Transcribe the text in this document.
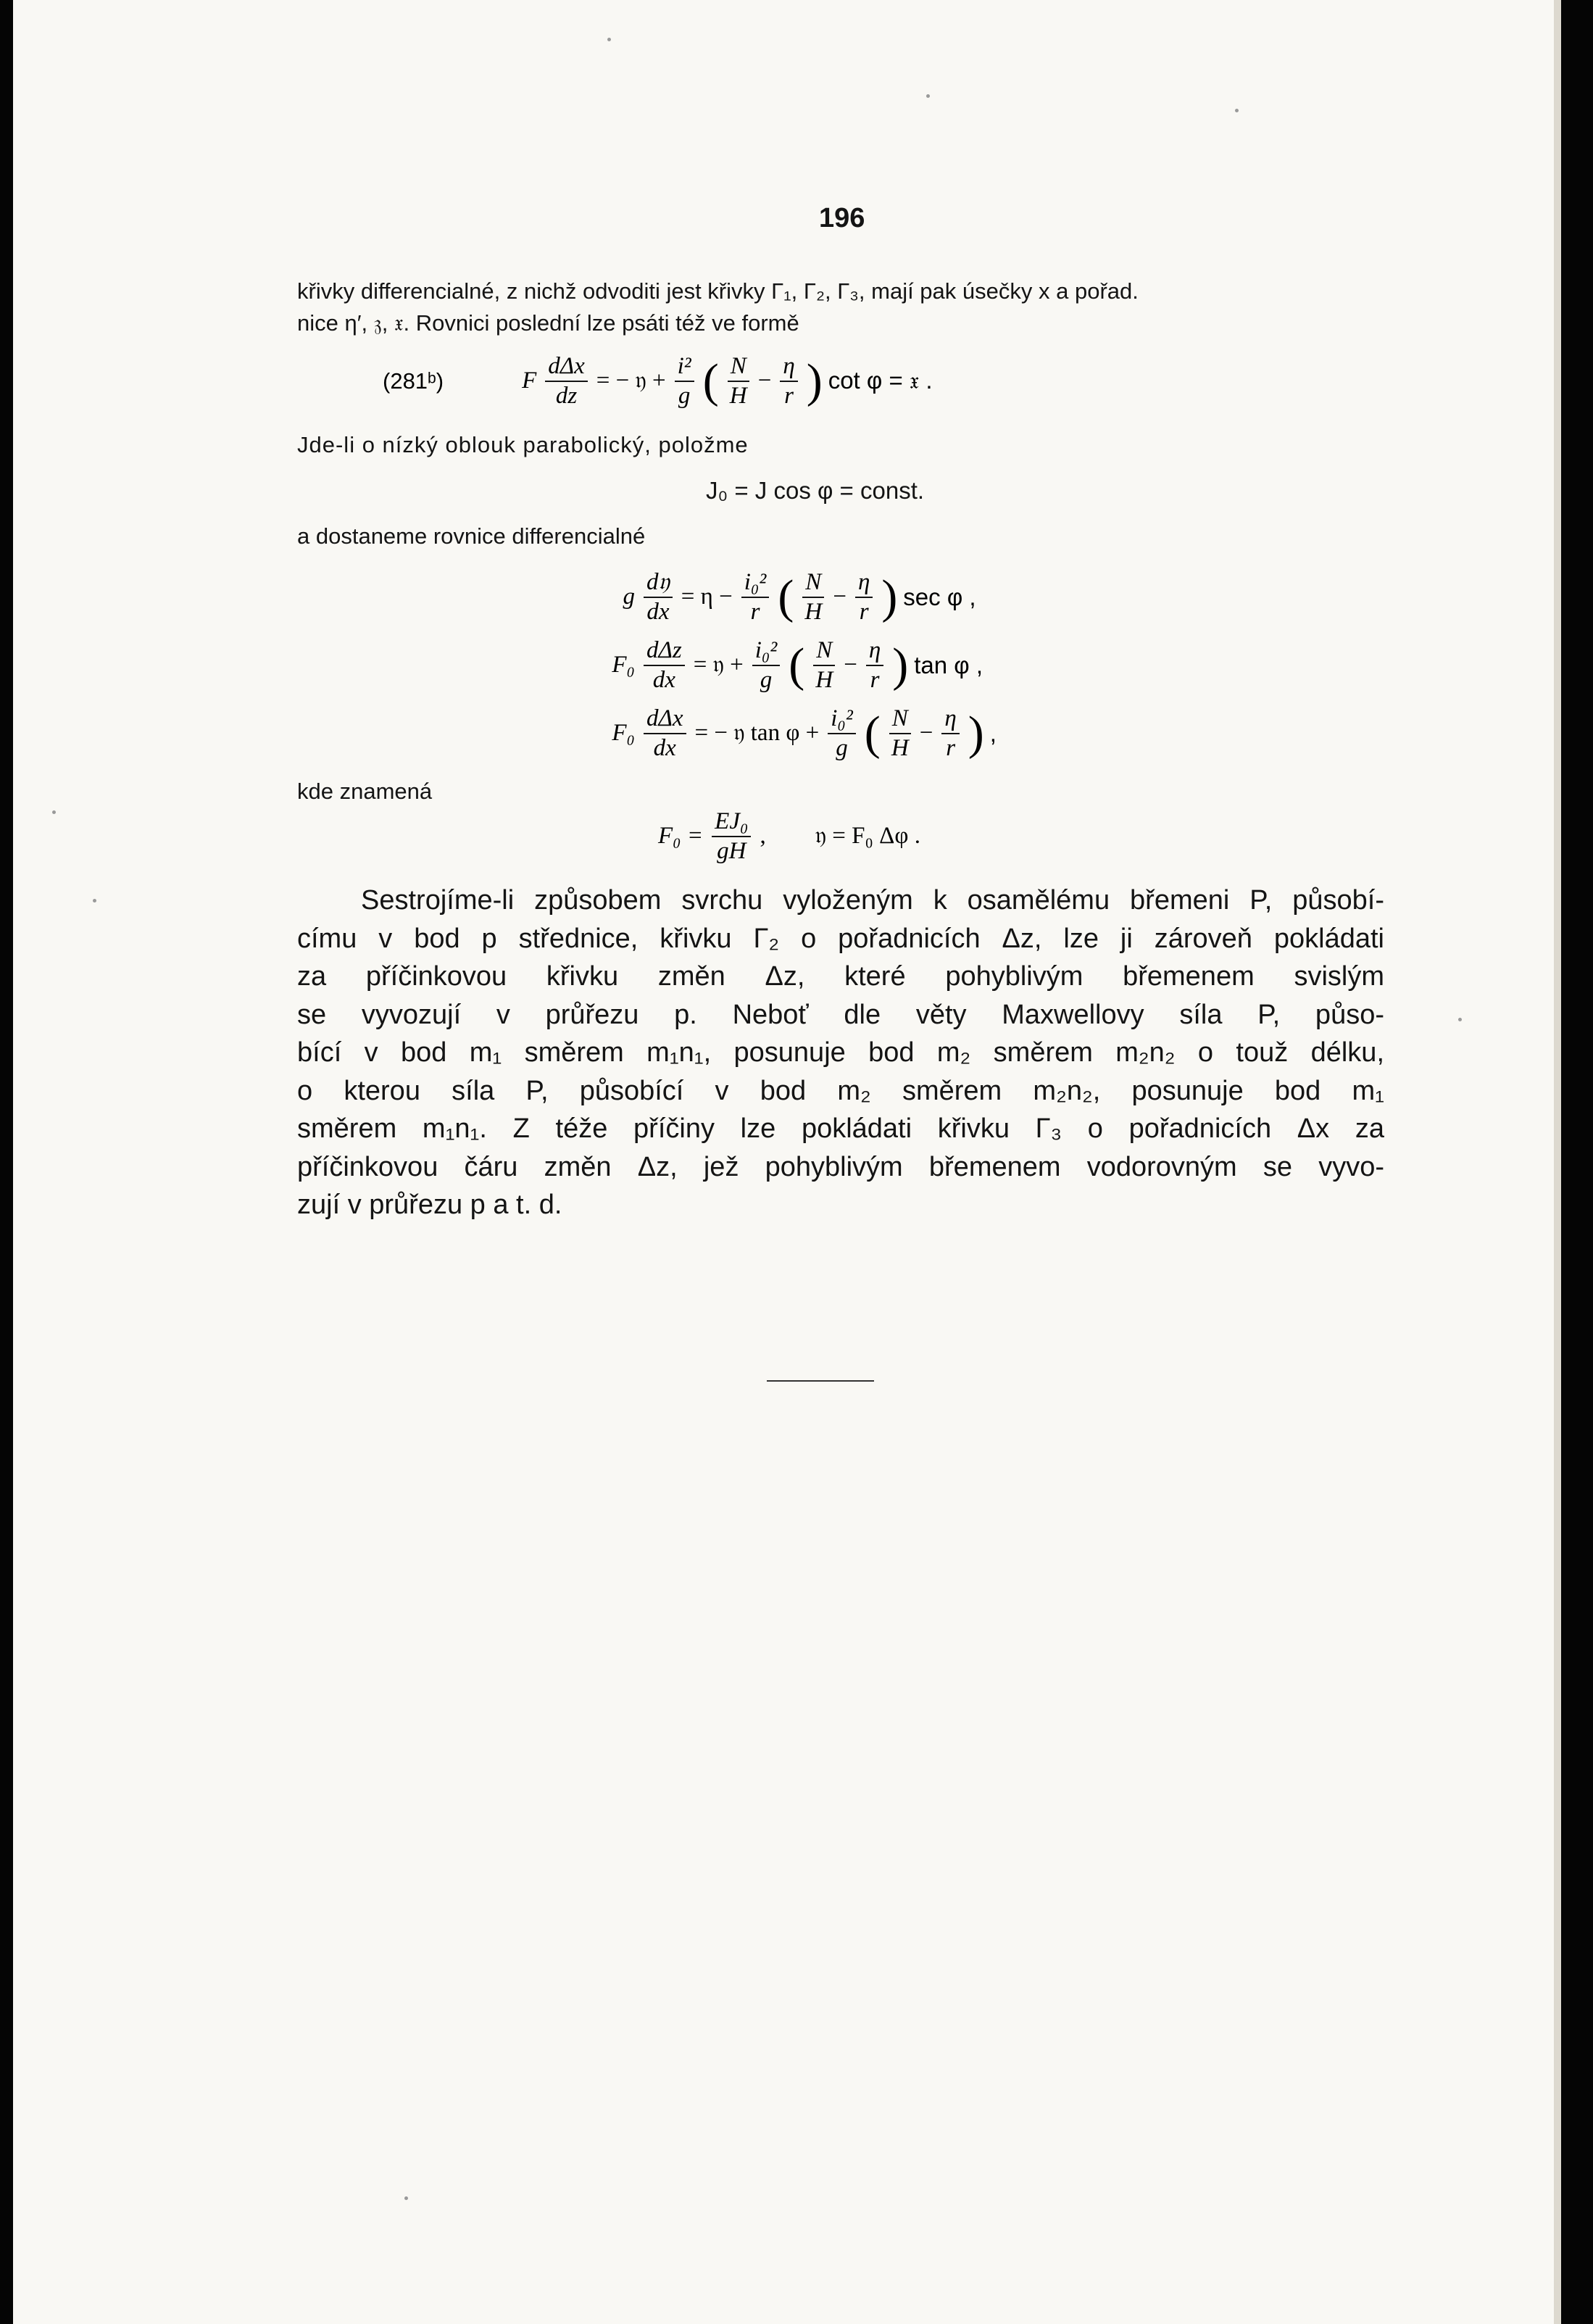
196
křivky differencialné, z nichž odvoditi jest křivky Γ₁, Γ₂, Γ₃, mají pak úsečky x a pořad.
nice η′, 𝔷, 𝔵. Rovnici poslední lze psáti též ve formě
(281ᵇ)	F $\frac{\text{dΔx}}{dz}$ = − 𝔶 + $\frac{\text{i²}}{g}$ ( $\frac{N}{H} - \frac{\eta}{r}$ ) cot φ = 𝔵 .
Jde-li o nízký oblouk parabolický, položme
J₀ = J cos φ = const.
a dostaneme rovnice differencialné
g $\frac{\text{d𝔶}}{dx} = \eta - \frac{\text{i₀²}}{r}$ ( $\frac{N}{H} - \frac{\eta}{r}$ ) sec φ ,
$F_0 \frac{\text{dΔz}}{dx}$ = 𝔶 + $\frac{\text{i₀²}}{g}$ ( $\frac{N}{H} - \frac{\eta}{r}$ ) tan φ ,
$F_0 \frac{\text{dΔx}}{dx}$ = − 𝔶 $\tan \varphi + \frac{\text{i₀²}}{g}$ ( $\frac{N}{H} - \frac{\eta}{r}$ ) ,
kde znamená
$F_0 = \frac{\text{EJ₀}}{gH}$ , 𝔶 = F₀ Δφ .
Sestrojíme-li způsobem svrchu vyloženým k osamělému břemeni P, působí-
címu v bod p střednice, křivku Γ₂ o pořadnicích Δz, lze ji zároveň pokládati
za příčinkovou křivku změn Δz, které pohyblivým břemenem svislým
se vyvozují v průřezu p. Neboť dle věty Maxwellovy síla P, půso-
bící v bod m₁ směrem m₁n₁, posunuje bod m₂ směrem m₂n₂ o touž délku,
o kterou síla P, působící v bod m₂ směrem m₂n₂, posunuje bod m₁
směrem m₁n₁. Z téže příčiny lze pokládati křivku Γ₃ o pořadnicích Δx za
příčinkovou čáru změn Δz, jež pohyblivým břemenem vodorovným se vyvo-
zují v průřezu p a t. d.
